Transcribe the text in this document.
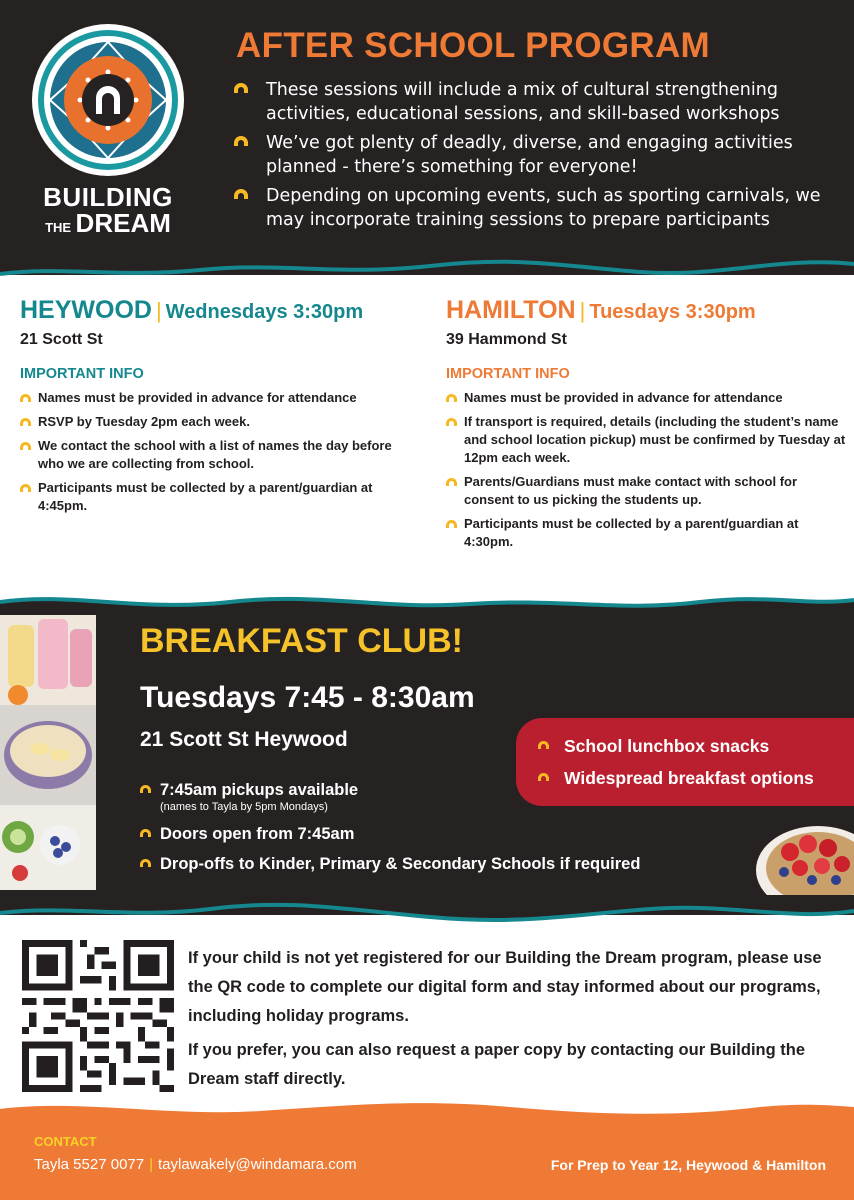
BUILDING
THE DREAM
AFTER SCHOOL PROGRAM
These sessions will include a mix of cultural strengthening activities, educational sessions, and skill-based workshops
We’ve got plenty of deadly, diverse, and engaging activities planned - there’s something for everyone!
Depending on upcoming events, such as sporting carnivals, we may incorporate training sessions to prepare participants
HEYWOOD | Wednesdays 3:30pm
21 Scott St
IMPORTANT INFO
Names must be provided in advance for attendance
RSVP by Tuesday 2pm each week.
We contact the school with a list of names the day before who we are collecting from school.
Participants must be collected by a parent/guardian at 4:45pm.
HAMILTON | Tuesdays 3:30pm
39 Hammond St
IMPORTANT INFO
Names must be provided in advance for attendance
If transport is required, details (including the student’s name and school location pickup) must be confirmed by Tuesday at 12pm each week.
Parents/Guardians must make contact with school for consent to us picking the students up.
Participants must be collected by a parent/guardian at 4:30pm.
BREAKFAST CLUB!
Tuesdays 7:45 - 8:30am
21 Scott St Heywood
7:45am pickups available
(names to Tayla by 5pm Mondays)
Doors open from 7:45am
Drop-offs to Kinder, Primary & Secondary Schools if required
School lunchbox snacks
Widespread breakfast options

If your child is not yet registered for our Building the Dream program, please use the QR code to complete our digital form and stay informed about our programs, including holiday programs.

If you prefer, you can also request a paper copy by contacting our Building the Dream staff directly.

CONTACT
Tayla 5527 0077 | taylawakely@windamara.com	For Prep to Year 12, Heywood & Hamilton
